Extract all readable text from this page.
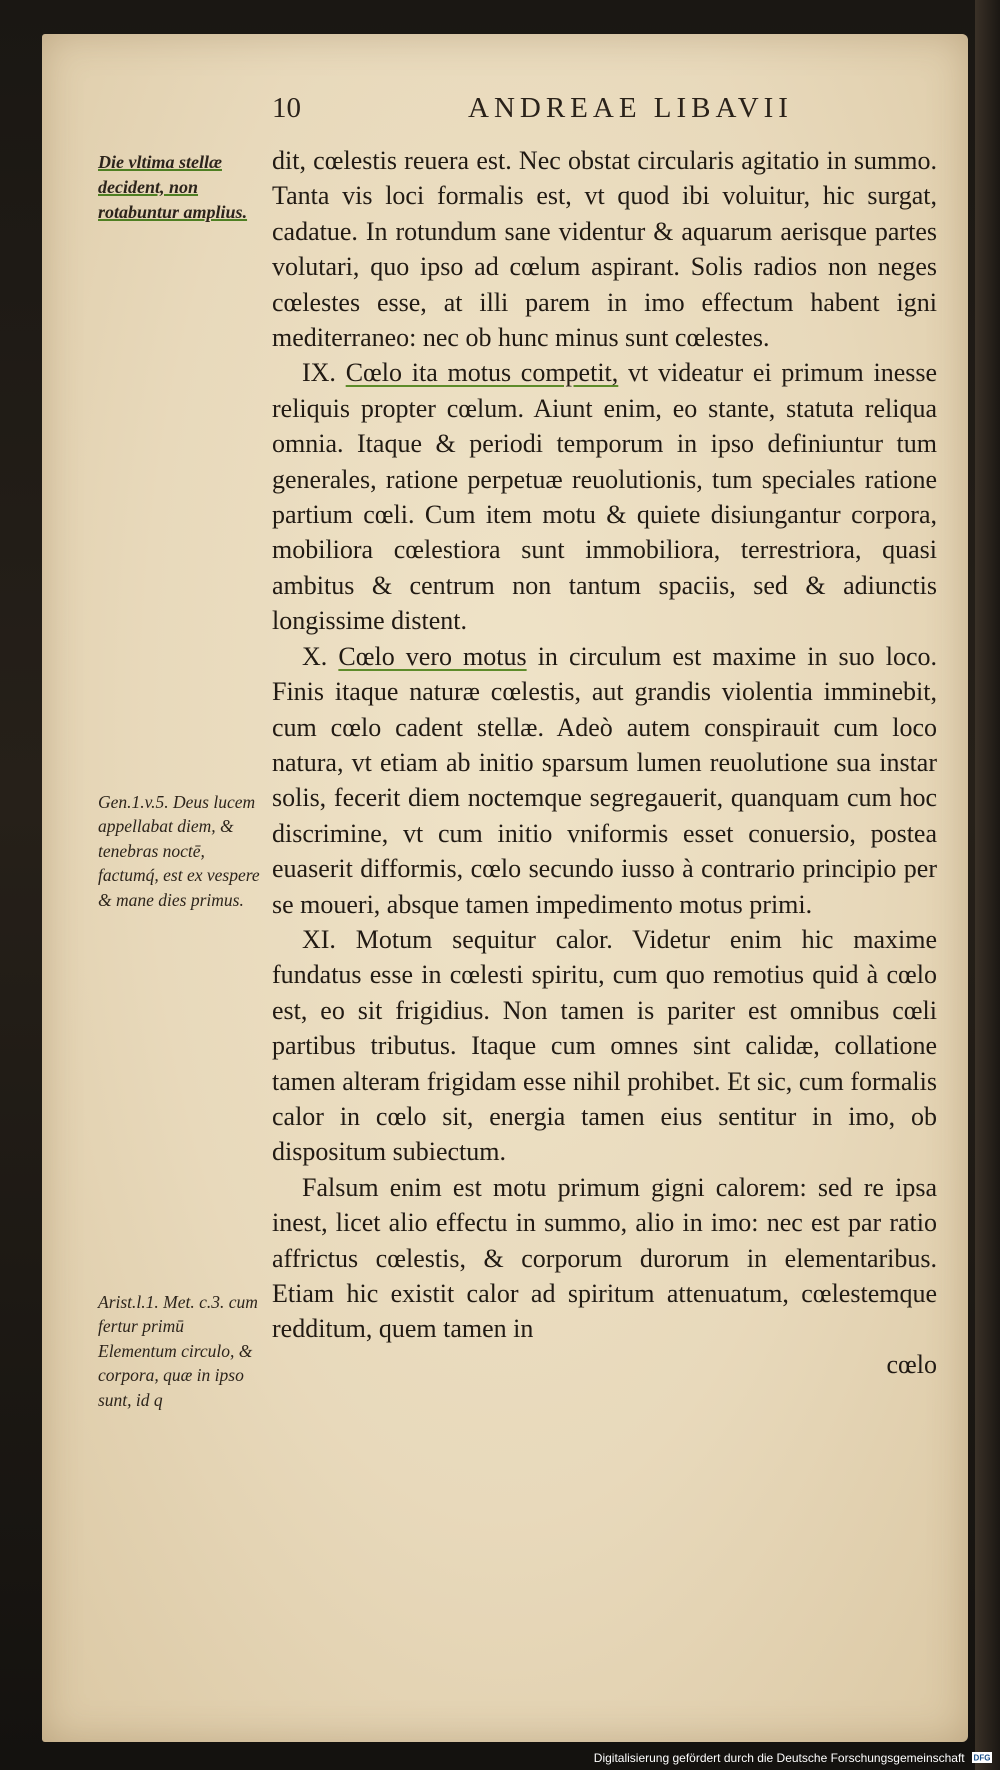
10	ANDREAE LIBAVII
Die vltima stellæ decident, non rotabuntur amplius.
Gen.1.v.5. Deus lucem appellabat diem, & tenebras noctē, factumq́, est ex vespere & mane dies primus.
Arist.l.1. Met. c.3. cum fertur primū Elementum circulo, & corpora, quæ in ipso sunt, id q

dit, cœlestis reuera est. Nec obstat circularis agitatio in summo. Tanta vis loci formalis est, vt quod ibi voluitur, hic surgat, cadatue. In rotundum sane videntur & aquarum aerisque partes volutari, quo ipso ad cœlum aspirant. Solis radios non neges cœlestes esse, at illi parem in imo effectum habent igni mediterraneo: nec ob hunc minus sunt cœlestes.

IX. Cœlo ita motus competit, vt videatur ei primum inesse reliquis propter cœlum. Aiunt enim, eo stante, statuta reliqua omnia. Itaque & periodi temporum in ipso definiuntur tum generales, ratione perpetuæ reuolutionis, tum speciales ratione partium cœli. Cum item motu & quiete disiungantur corpora, mobiliora cœlestiora sunt immobiliora, terrestriora, quasi ambitus & centrum non tantum spaciis, sed & adiunctis longissime distent.

X. Cœlo vero motus in circulum est maxime in suo loco. Finis itaque naturæ cœlestis, aut grandis violentia imminebit, cum cœlo cadent stellæ. Adeò autem conspirauit cum loco natura, vt etiam ab initio sparsum lumen reuolutione sua instar solis, fecerit diem noctemque segregauerit, quanquam cum hoc discrimine, vt cum initio vniformis esset conuersio, postea euaserit difformis, cœlo secundo iusso à contrario principio per se moueri, absque tamen impedimento motus primi.

XI. Motum sequitur calor. Videtur enim hic maxime fundatus esse in cœlesti spiritu, cum quo remotius quid à cœlo est, eo sit frigidius. Non tamen is pariter est omnibus cœli partibus tributus. Itaque cum omnes sint calidæ, collatione tamen alteram frigidam esse nihil prohibet. Et sic, cum formalis calor in cœlo sit, energia tamen eius sentitur in imo, ob dispositum subiectum.

Falsum enim est motu primum gigni calorem: sed re ipsa inest, licet alio effectu in summo, alio in imo: nec est par ratio affrictus cœlestis, & corporum durorum in elementaribus. Etiam hic existit calor ad spiritum attenuatum, cœlestemque redditum, quem tamen in

cœlo

Digitalisierung gefördert durch die Deutsche Forschungsgemeinschaft DFG
